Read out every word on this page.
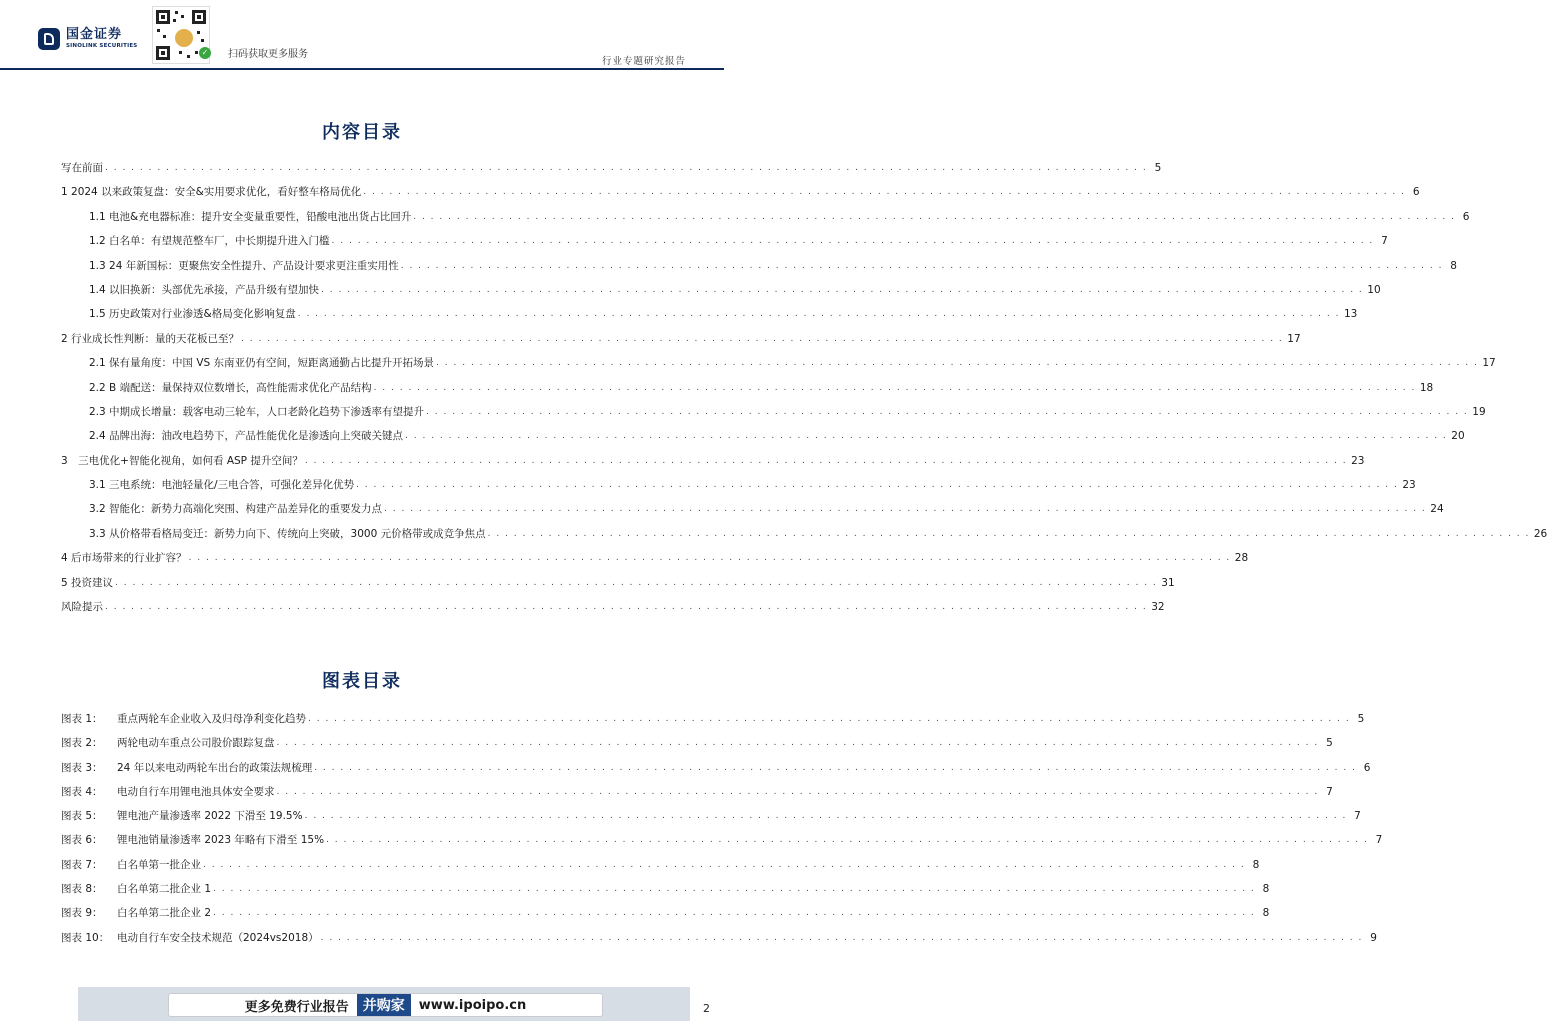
国金证券
SINOLINK SECURITIES
✓ 扫码获取更多服务
行业专题研究报告
内容目录
写在前面 . . . . . . . . . . . . . . . . . . . . . . . . . . . . . . . . . . . . . . . . . . . . . . . . . . . . . . . . . . . . . . . . . . . . . . . . . . . . . . . . . . . . . . . . . . . . . . . . . . . . . . . . . . . . . . . . . . . . . . . . 5
1 2024 以来政策复盘：安全&实用要求优化，看好整车格局优化 . . . . . . . . . . . . . . . . . . . . . . . . . . . . . . . . . . . . . . . . . . . . . . . . . . . . . . . . . . . . . . . . . . . . . . . . . . . . . . . . . . . . . . . . . . . . . . . . . . . . . . . . . . . . . . . . . . . . . . . . 6
1.1 电池&充电器标准：提升安全变量重要性，铅酸电池出货占比回升 . . . . . . . . . . . . . . . . . . . . . . . . . . . . . . . . . . . . . . . . . . . . . . . . . . . . . . . . . . . . . . . . . . . . . . . . . . . . . . . . . . . . . . . . . . . . . . . . . . . . . . . . . . . . . . . . . . . . . . . . 6
1.2 白名单：有望规范整车厂，中长期提升进入门槛 . . . . . . . . . . . . . . . . . . . . . . . . . . . . . . . . . . . . . . . . . . . . . . . . . . . . . . . . . . . . . . . . . . . . . . . . . . . . . . . . . . . . . . . . . . . . . . . . . . . . . . . . . . . . . . . . . . . . . . . . 7
1.3 24 年新国标：更聚焦安全性提升、产品设计要求更注重实用性 . . . . . . . . . . . . . . . . . . . . . . . . . . . . . . . . . . . . . . . . . . . . . . . . . . . . . . . . . . . . . . . . . . . . . . . . . . . . . . . . . . . . . . . . . . . . . . . . . . . . . . . . . . . . . . . . . . . . . . . . 8
1.4 以旧换新：头部优先承接，产品升级有望加快 . . . . . . . . . . . . . . . . . . . . . . . . . . . . . . . . . . . . . . . . . . . . . . . . . . . . . . . . . . . . . . . . . . . . . . . . . . . . . . . . . . . . . . . . . . . . . . . . . . . . . . . . . . . . . . . . . . . . . . . . 10
1.5 历史政策对行业渗透&格局变化影响复盘 . . . . . . . . . . . . . . . . . . . . . . . . . . . . . . . . . . . . . . . . . . . . . . . . . . . . . . . . . . . . . . . . . . . . . . . . . . . . . . . . . . . . . . . . . . . . . . . . . . . . . . . . . . . . . . . . . . . . . . . . 13
2 行业成长性判断：量的天花板已至？ . . . . . . . . . . . . . . . . . . . . . . . . . . . . . . . . . . . . . . . . . . . . . . . . . . . . . . . . . . . . . . . . . . . . . . . . . . . . . . . . . . . . . . . . . . . . . . . . . . . . . . . . . . . . . . . . . . . . . . . . 17
2.1 保有量角度：中国 VS 东南亚仍有空间，短距离通勤占比提升开拓场景 . . . . . . . . . . . . . . . . . . . . . . . . . . . . . . . . . . . . . . . . . . . . . . . . . . . . . . . . . . . . . . . . . . . . . . . . . . . . . . . . . . . . . . . . . . . . . . . . . . . . . . . . . . . . . . . . . . . . . . . . 17
2.2 B 端配送：量保持双位数增长，高性能需求优化产品结构 . . . . . . . . . . . . . . . . . . . . . . . . . . . . . . . . . . . . . . . . . . . . . . . . . . . . . . . . . . . . . . . . . . . . . . . . . . . . . . . . . . . . . . . . . . . . . . . . . . . . . . . . . . . . . . . . . . . . . . . . 18
2.3 中期成长增量：载客电动三轮车，人口老龄化趋势下渗透率有望提升 . . . . . . . . . . . . . . . . . . . . . . . . . . . . . . . . . . . . . . . . . . . . . . . . . . . . . . . . . . . . . . . . . . . . . . . . . . . . . . . . . . . . . . . . . . . . . . . . . . . . . . . . . . . . . . . . . . . . . . . . 19
2.4 品牌出海：油改电趋势下，产品性能优化是渗透向上突破关键点 . . . . . . . . . . . . . . . . . . . . . . . . . . . . . . . . . . . . . . . . . . . . . . . . . . . . . . . . . . . . . . . . . . . . . . . . . . . . . . . . . . . . . . . . . . . . . . . . . . . . . . . . . . . . . . . . . . . . . . . . 20
3　三电优化+智能化视角，如何看 ASP 提升空间？ . . . . . . . . . . . . . . . . . . . . . . . . . . . . . . . . . . . . . . . . . . . . . . . . . . . . . . . . . . . . . . . . . . . . . . . . . . . . . . . . . . . . . . . . . . . . . . . . . . . . . . . . . . . . . . . . . . . . . . . . 23
3.1 三电系统：电池轻量化/三电合答，可强化差异化优势 . . . . . . . . . . . . . . . . . . . . . . . . . . . . . . . . . . . . . . . . . . . . . . . . . . . . . . . . . . . . . . . . . . . . . . . . . . . . . . . . . . . . . . . . . . . . . . . . . . . . . . . . . . . . . . . . . . . . . . . . 23
3.2 智能化：新势力高端化突围、构建产品差异化的重要发力点 . . . . . . . . . . . . . . . . . . . . . . . . . . . . . . . . . . . . . . . . . . . . . . . . . . . . . . . . . . . . . . . . . . . . . . . . . . . . . . . . . . . . . . . . . . . . . . . . . . . . . . . . . . . . . . . . . . . . . . . . 24
3.3 从价格带看格局变迁：新势力向下、传统向上突破，3000 元价格带或成竞争焦点 . . . . . . . . . . . . . . . . . . . . . . . . . . . . . . . . . . . . . . . . . . . . . . . . . . . . . . . . . . . . . . . . . . . . . . . . . . . . . . . . . . . . . . . . . . . . . . . . . . . . . . . . . . . . . . . . . . . . . . . . 26
4 后市场带来的行业扩容？ . . . . . . . . . . . . . . . . . . . . . . . . . . . . . . . . . . . . . . . . . . . . . . . . . . . . . . . . . . . . . . . . . . . . . . . . . . . . . . . . . . . . . . . . . . . . . . . . . . . . . . . . . . . . . . . . . . . . . . . . 28
5 投资建议 . . . . . . . . . . . . . . . . . . . . . . . . . . . . . . . . . . . . . . . . . . . . . . . . . . . . . . . . . . . . . . . . . . . . . . . . . . . . . . . . . . . . . . . . . . . . . . . . . . . . . . . . . . . . . . . . . . . . . . . . 31
风险提示 . . . . . . . . . . . . . . . . . . . . . . . . . . . . . . . . . . . . . . . . . . . . . . . . . . . . . . . . . . . . . . . . . . . . . . . . . . . . . . . . . . . . . . . . . . . . . . . . . . . . . . . . . . . . . . . . . . . . . . . . 32
图表目录
图表 1：	重点两轮车企业收入及归母净利变化趋势 . . . . . . . . . . . . . . . . . . . . . . . . . . . . . . . . . . . . . . . . . . . . . . . . . . . . . . . . . . . . . . . . . . . . . . . . . . . . . . . . . . . . . . . . . . . . . . . . . . . . . . . . . . . . . . . . . . . . . . . . 5
图表 2：	两轮电动车重点公司股价跟踪复盘 . . . . . . . . . . . . . . . . . . . . . . . . . . . . . . . . . . . . . . . . . . . . . . . . . . . . . . . . . . . . . . . . . . . . . . . . . . . . . . . . . . . . . . . . . . . . . . . . . . . . . . . . . . . . . . . . . . . . . . . . 5
图表 3：	24 年以来电动两轮车出台的政策法规梳理 . . . . . . . . . . . . . . . . . . . . . . . . . . . . . . . . . . . . . . . . . . . . . . . . . . . . . . . . . . . . . . . . . . . . . . . . . . . . . . . . . . . . . . . . . . . . . . . . . . . . . . . . . . . . . . . . . . . . . . . . 6
图表 4：	电动自行车用锂电池具体安全要求 . . . . . . . . . . . . . . . . . . . . . . . . . . . . . . . . . . . . . . . . . . . . . . . . . . . . . . . . . . . . . . . . . . . . . . . . . . . . . . . . . . . . . . . . . . . . . . . . . . . . . . . . . . . . . . . . . . . . . . . . 7
图表 5：	锂电池产量渗透率 2022 下滑至 19.5% . . . . . . . . . . . . . . . . . . . . . . . . . . . . . . . . . . . . . . . . . . . . . . . . . . . . . . . . . . . . . . . . . . . . . . . . . . . . . . . . . . . . . . . . . . . . . . . . . . . . . . . . . . . . . . . . . . . . . . . . 7
图表 6：	锂电池销量渗透率 2023 年略有下滑至 15% . . . . . . . . . . . . . . . . . . . . . . . . . . . . . . . . . . . . . . . . . . . . . . . . . . . . . . . . . . . . . . . . . . . . . . . . . . . . . . . . . . . . . . . . . . . . . . . . . . . . . . . . . . . . . . . . . . . . . . . . 7
图表 7：	白名单第一批企业 . . . . . . . . . . . . . . . . . . . . . . . . . . . . . . . . . . . . . . . . . . . . . . . . . . . . . . . . . . . . . . . . . . . . . . . . . . . . . . . . . . . . . . . . . . . . . . . . . . . . . . . . . . . . . . . . . . . . . . . . 8
图表 8：	白名单第二批企业 1 . . . . . . . . . . . . . . . . . . . . . . . . . . . . . . . . . . . . . . . . . . . . . . . . . . . . . . . . . . . . . . . . . . . . . . . . . . . . . . . . . . . . . . . . . . . . . . . . . . . . . . . . . . . . . . . . . . . . . . . . 8
图表 9：	白名单第二批企业 2 . . . . . . . . . . . . . . . . . . . . . . . . . . . . . . . . . . . . . . . . . . . . . . . . . . . . . . . . . . . . . . . . . . . . . . . . . . . . . . . . . . . . . . . . . . . . . . . . . . . . . . . . . . . . . . . . . . . . . . . . 8
图表 10： 电动自行车安全技术规范（2024vs2018） . . . . . . . . . . . . . . . . . . . . . . . . . . . . . . . . . . . . . . . . . . . . . . . . . . . . . . . . . . . . . . . . . . . . . . . . . . . . . . . . . . . . . . . . . . . . . . . . . . . . . . . . . . . . . . . . . . . . . . . . 9
更多免费行业报告	并购家	www.ipoipo.cn	2
